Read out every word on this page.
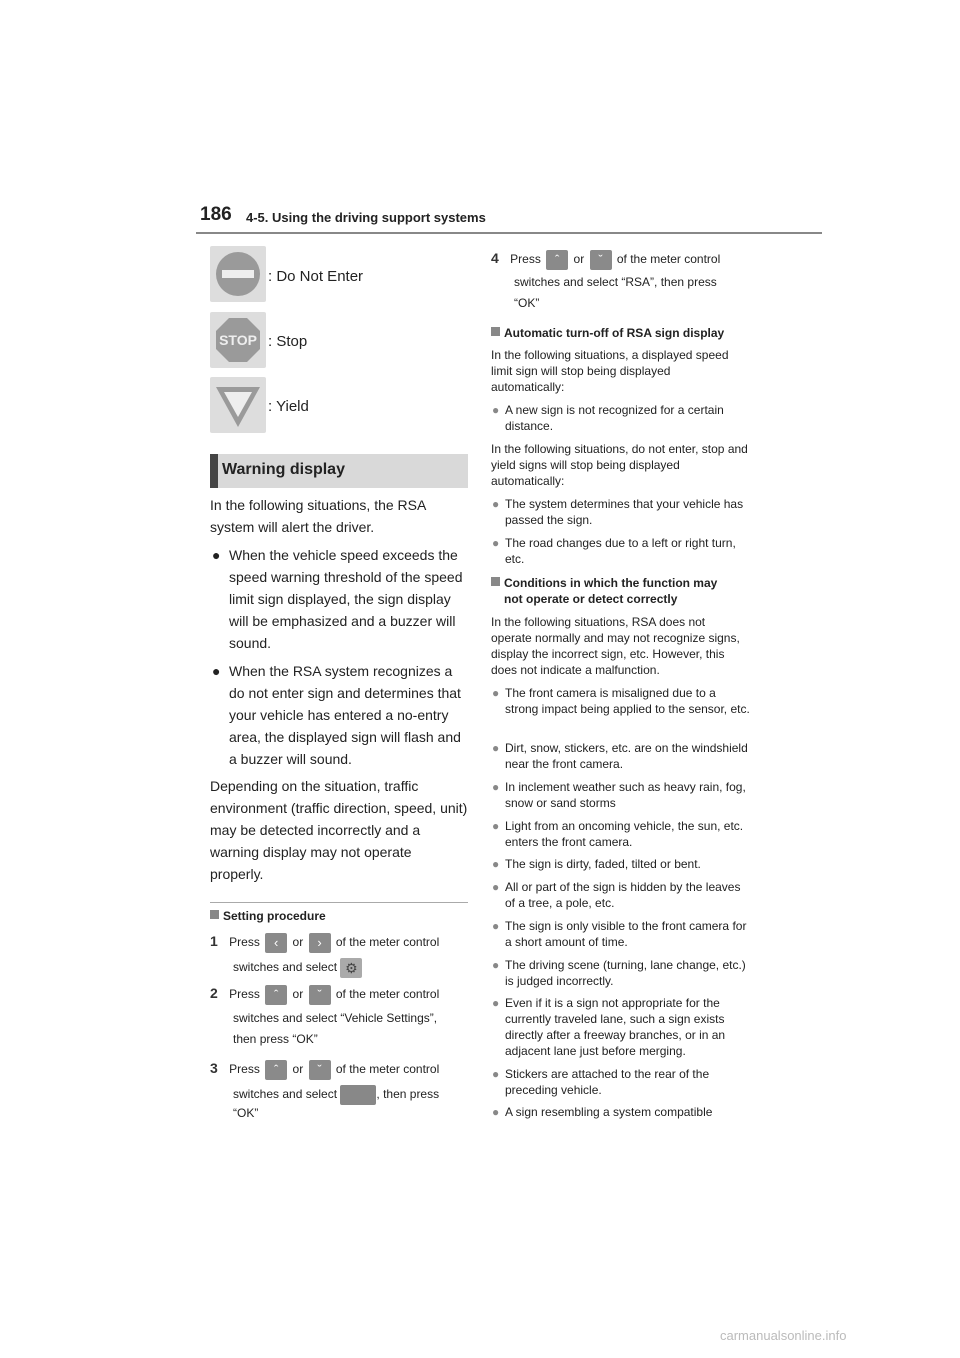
186 4-5. Using the driving support systems
: Do Not Enter
STOP : Stop
: Yield
Warning display
In the following situations, the RSA system will alert the driver.
● When the vehicle speed exceeds the speed warning threshold of the speed limit sign displayed, the sign display will be emphasized and a buzzer will sound.
● When the RSA system recognizes a do not enter sign and determines that your vehicle has entered a no-entry area, the displayed sign will flash and a buzzer will sound.
Depending on the situation, traffic environment (traffic direction, speed, unit) may be detected incorrectly and a warning display may not operate properly.
Setting procedure
1 Press ‹ or › of the meter control
switches and select ⚙
2 Press ˆ or ˇ of the meter control
switches and select “Vehicle Settings”,
then press “OK”
3 Press ˆ or ˇ of the meter control
switches and select	, then press
“OK”
4 Press ˆ or ˇ of the meter control
switches and select “RSA”, then press
“OK”
Automatic turn-off of RSA sign display
In the following situations, a displayed speed limit sign will stop being displayed automatically:
● A new sign is not recognized for a certain distance.
In the following situations, do not enter, stop and yield signs will stop being displayed automatically:
● The system determines that your vehicle has passed the sign.
● The road changes due to a left or right turn, etc.
Conditions in which the function may
not operate or detect correctly
In the following situations, RSA does not operate normally and may not recognize signs, display the incorrect sign, etc. However, this does not indicate a malfunction.
● The front camera is misaligned due to a strong impact being applied to the sensor, etc.
● Dirt, snow, stickers, etc. are on the windshield near the front camera.
● In inclement weather such as heavy rain, fog, snow or sand storms
● Light from an oncoming vehicle, the sun, etc. enters the front camera.
● The sign is dirty, faded, tilted or bent.
● All or part of the sign is hidden by the leaves of a tree, a pole, etc.
● The sign is only visible to the front camera for a short amount of time.
● The driving scene (turning, lane change, etc.) is judged incorrectly.
● Even if it is a sign not appropriate for the currently traveled lane, such a sign exists directly after a freeway branches, or in an adjacent lane just before merging.
● Stickers are attached to the rear of the preceding vehicle.
● A sign resembling a system compatible
carmanualsonline.info
